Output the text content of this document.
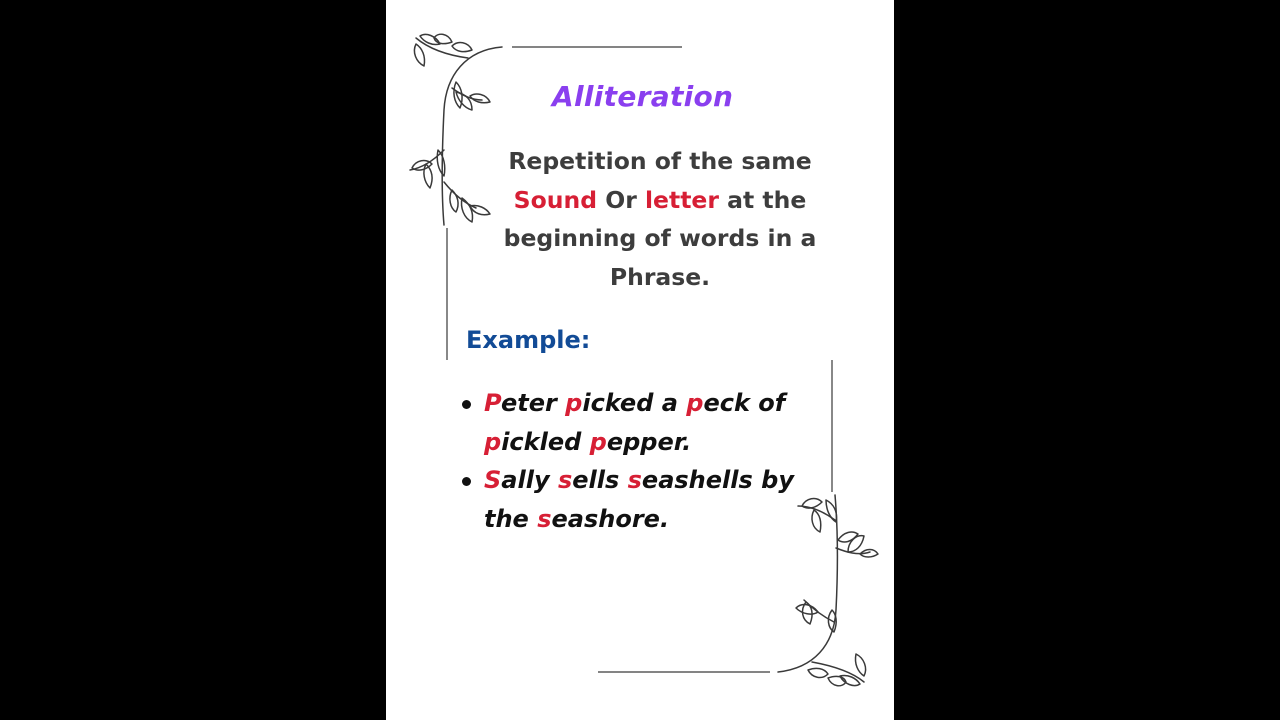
Alliteration
Repetition of the same Sound Or letter at the beginning of words in a Phrase.
Example:
Peter picked a peck of pickled pepper.
Sally sells seashells by the seashore.
